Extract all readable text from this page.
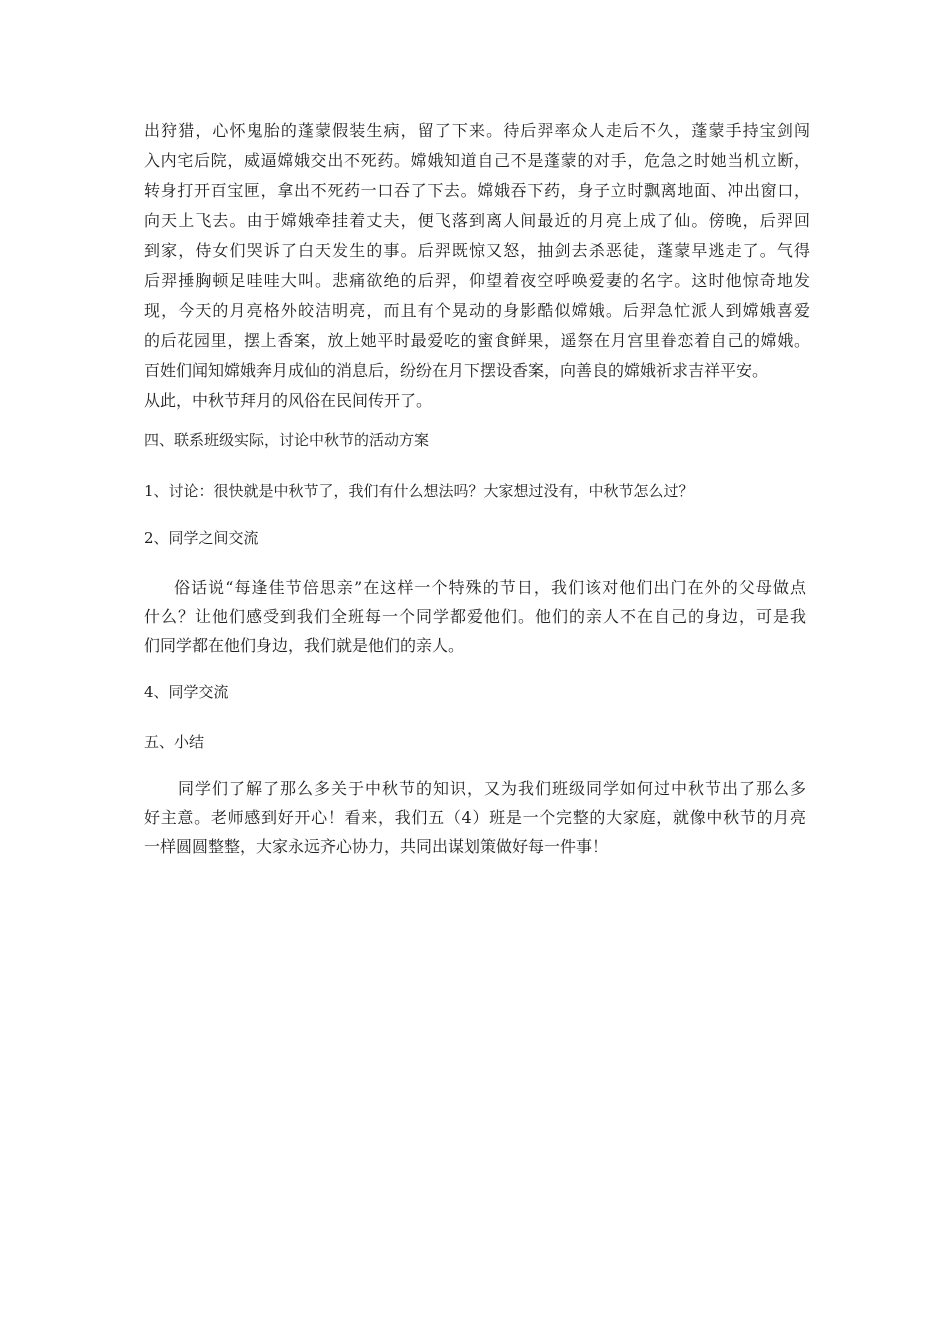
出狩猎，心怀鬼胎的蓬蒙假装生病，留了下来。待后羿率众人走后不久，蓬蒙手持宝剑闯
入内宅后院，威逼嫦娥交出不死药。嫦娥知道自己不是蓬蒙的对手，危急之时她当机立断，
转身打开百宝匣，拿出不死药一口吞了下去。嫦娥吞下药，身子立时飘离地面、冲出窗口，
向天上飞去。由于嫦娥牵挂着丈夫，便飞落到离人间最近的月亮上成了仙。傍晚，后羿回
到家，侍女们哭诉了白天发生的事。后羿既惊又怒，抽剑去杀恶徒，蓬蒙早逃走了。气得
后羿捶胸顿足哇哇大叫。悲痛欲绝的后羿，仰望着夜空呼唤爱妻的名字。这时他惊奇地发
现，今天的月亮格外皎洁明亮，而且有个晃动的身影酷似嫦娥。后羿急忙派人到嫦娥喜爱
的后花园里，摆上香案，放上她平时最爱吃的蜜食鲜果，遥祭在月宫里眷恋着自己的嫦娥。
百姓们闻知嫦娥奔月成仙的消息后，纷纷在月下摆设香案，向善良的嫦娥祈求吉祥平安。
从此，中秋节拜月的风俗在民间传开了。
四、联系班级实际，讨论中秋节的活动方案
1、讨论：很快就是中秋节了，我们有什么想法吗？大家想过没有，中秋节怎么过？
2、同学之间交流
俗话说“每逢佳节倍思亲”在这样一个特殊的节日，我们该对他们出门在外的父母做点
什么？让他们感受到我们全班每一个同学都爱他们。他们的亲人不在自己的身边，可是我
们同学都在他们身边，我们就是他们的亲人。
4、同学交流
五、小结
同学们了解了那么多关于中秋节的知识，又为我们班级同学如何过中秋节出了那么多
好主意。老师感到好开心！看来，我们五（4）班是一个完整的大家庭，就像中秋节的月亮
一样圆圆整整，大家永远齐心协力，共同出谋划策做好每一件事！
